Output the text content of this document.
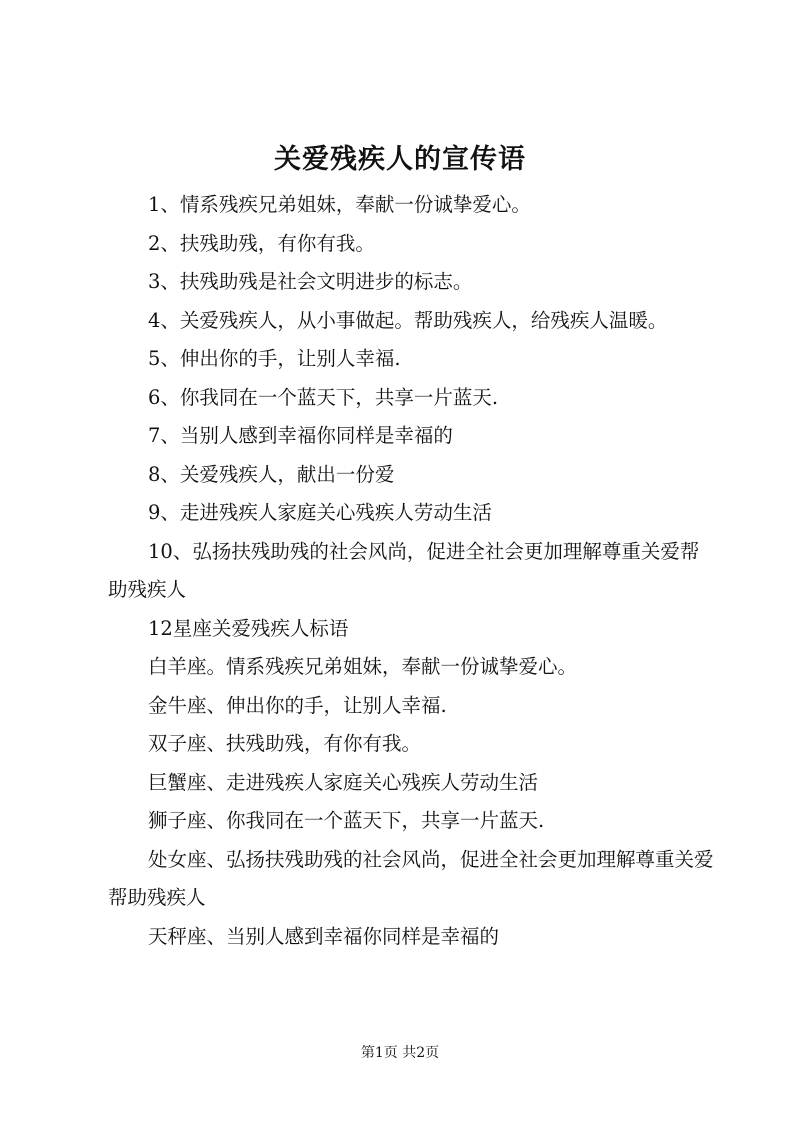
关爱残疾人的宣传语

1、情系残疾兄弟姐妹，奉献一份诚挚爱心。

2、扶残助残，有你有我。

3、扶残助残是社会文明进步的标志。

4、关爱残疾人，从小事做起。帮助残疾人，给残疾人温暖。

5、伸出你的手，让别人幸福.

6、你我同在一个蓝天下，共享一片蓝天.

7、当别人感到幸福你同样是幸福的

8、关爱残疾人，献出一份爱

9、走进残疾人家庭关心残疾人劳动生活

10、弘扬扶残助残的社会风尚，促进全社会更加理解尊重关爱帮助残疾人

12星座关爱残疾人标语

白羊座。情系残疾兄弟姐妹，奉献一份诚挚爱心。

金牛座、伸出你的手，让别人幸福.

双子座、扶残助残，有你有我。

巨蟹座、走进残疾人家庭关心残疾人劳动生活

狮子座、你我同在一个蓝天下，共享一片蓝天.

处女座、弘扬扶残助残的社会风尚，促进全社会更加理解尊重关爱帮助残疾人

天秤座、当别人感到幸福你同样是幸福的

第1页 共2页
